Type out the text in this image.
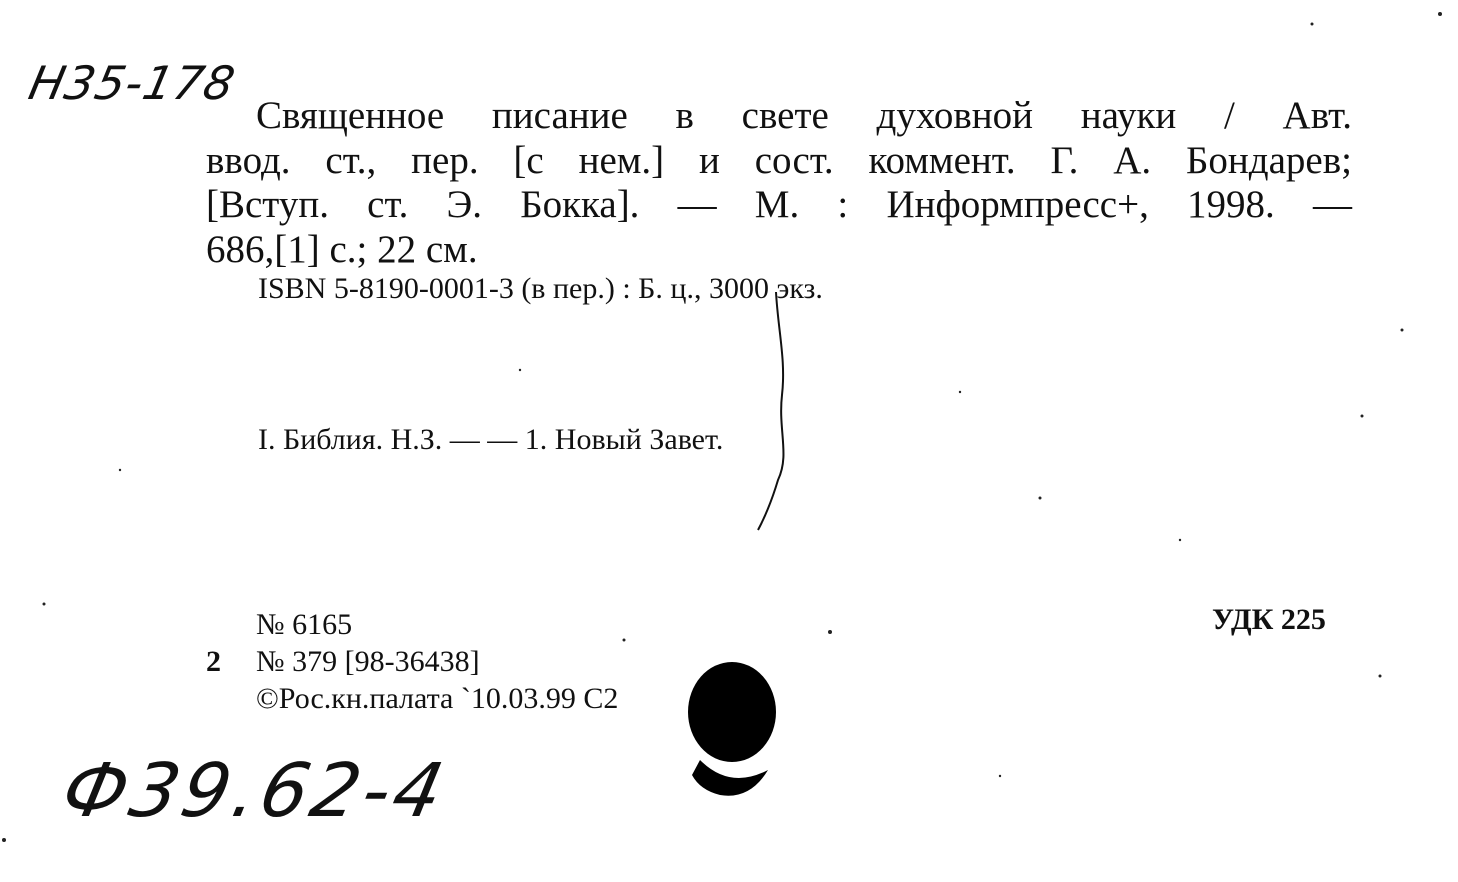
Н35-178
Священное писание в свете духовной науки / Авт.
ввод. ст., пер. [с нем.] и сост. коммент. Г. А. Бондарев;
[Вступ. ст. Э. Бокка]. — М. : Информпресс+, 1998. —
686,[1] с.; 22 см.
ISBN 5-8190-0001-3 (в пер.) : Б. ц., 3000 экз.
I. Библия. Н.З. — — 1. Новый Завет.
№ 6165
2 № 379 [98-36438]
©Рос.кн.палата `10.03.99 С2
УДК 225
Ф39.62-4
